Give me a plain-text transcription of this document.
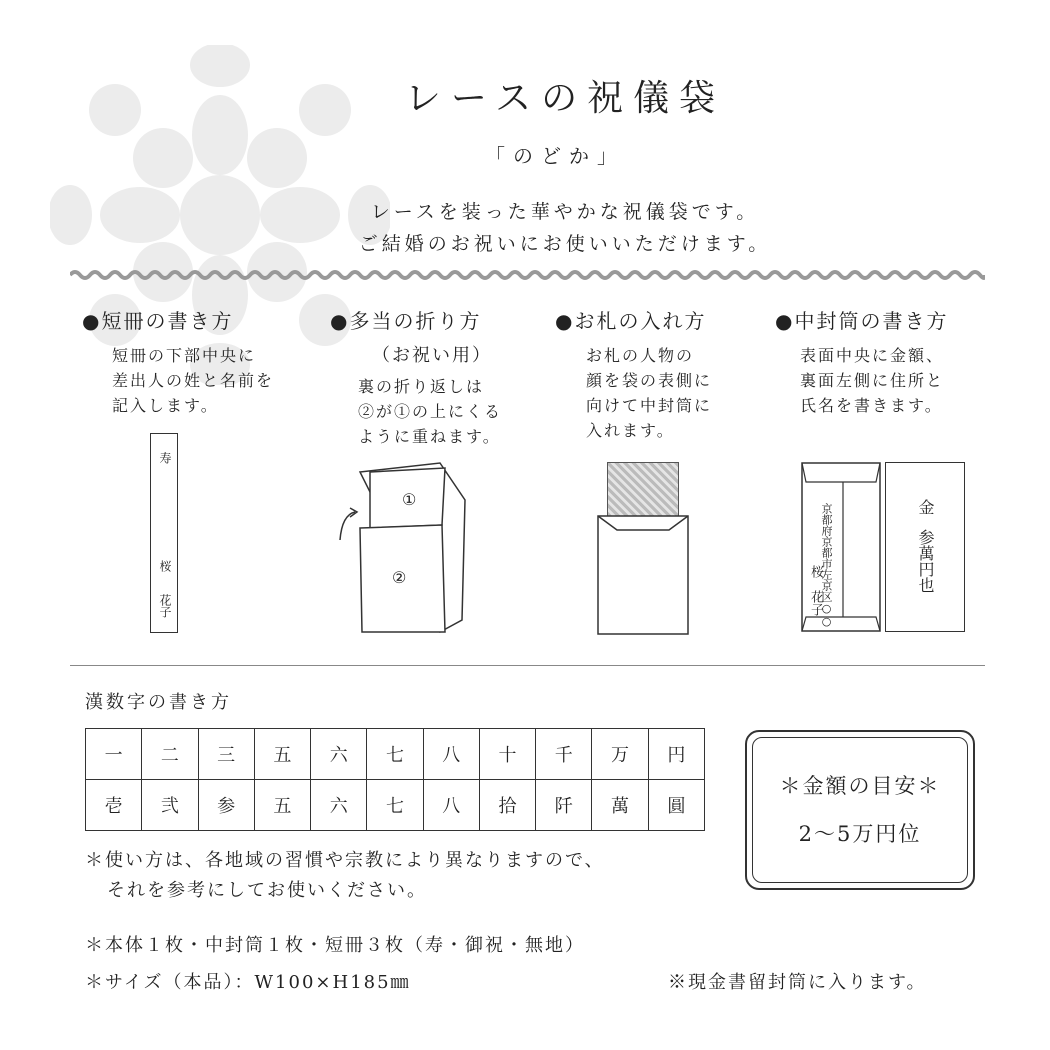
レースの祝儀袋
「のどか」
レースを装った華やかな祝儀袋です。
ご結婚のお祝いにお使いいただけます。
●短冊の書き方
短冊の下部中央に
差出人の姓と名前を
記入します。
寿
桜
花子
●多当の折り方
（お祝い用）
裏の折り返しは
②が①の上にくる
ように重ねます。
①
②
●お札の入れ方
お札の人物の
顔を袋の表側に
向けて中封筒に
入れます。
●中封筒の書き方
表面中央に金額、
裏面左側に住所と
氏名を書きます。
京都府京都市左京区○○
桜
花子
金
参萬円也
漢数字の書き方
一	二	三	五	六	七	八	十	千	万	円
壱	弐	参	五	六	七	八	拾	阡	萬	圓
＊金額の目安＊
2〜5万円位
＊使い方は、各地域の習慣や宗教により異なりますので、
それを参考にしてお使いください。
＊本体１枚・中封筒１枚・短冊３枚（寿・御祝・無地）
＊サイズ（本品）：W100×H185㎜	※現金書留封筒に入ります。
